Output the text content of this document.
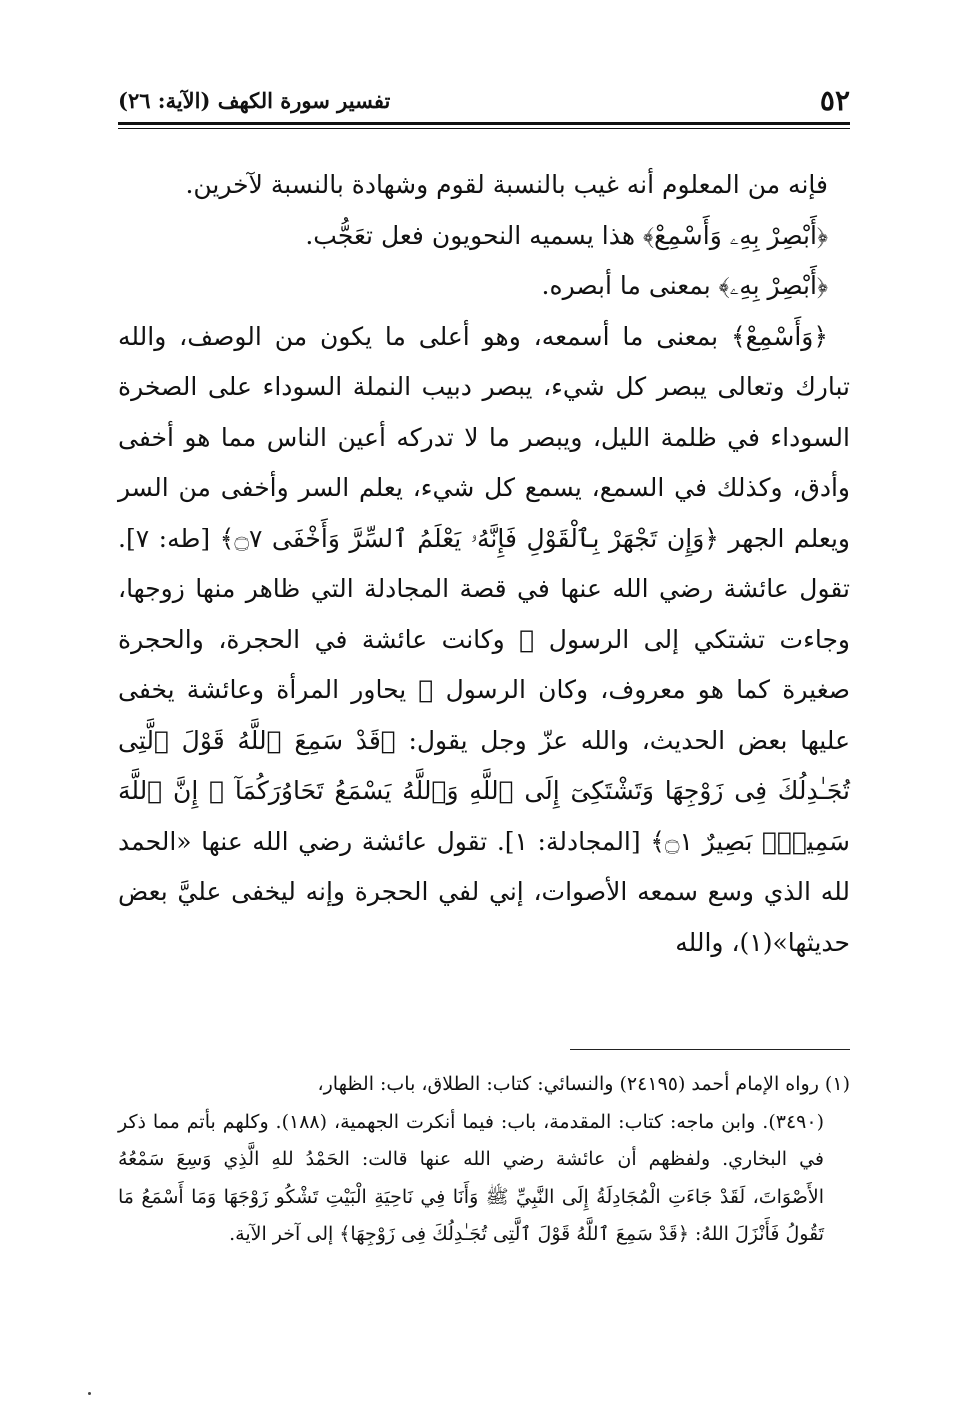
٥٢
تفسير سورة الكهف (الآية: ٢٦)

فإنه من المعلوم أنه غيب بالنسبة لقوم وشهادة بالنسبة لآخرين.

﴿أَبْصِرْ بِهِۦ وَأَسْمِعْ﴾ هذا يسميه النحويون فعل تعَجُّب.

﴿أَبْصِرْ بِهِۦ﴾ بمعنى ما أبصره.

﴿وَأَسْمِعْ﴾ بمعنى ما أسمعه، وهو أعلى ما يكون من الوصف، والله تبارك وتعالى يبصر كل شيء، يبصر دبيب النملة السوداء على الصخرة السوداء في ظلمة الليل، ويبصر ما لا تدركه أعين الناس مما هو أخفى وأدق، وكذلك في السمع، يسمع كل شيء، يعلم السر وأخفى من السر ويعلم الجهر ﴿وَإِن تَجْهَرْ بِٱلْقَوْلِ فَإِنَّهُۥ يَعْلَمُ ٱلسِّرَّ وَأَخْفَى ۝٧﴾ [طه: ٧]. تقول عائشة رضي الله عنها في قصة المجادلة التي ظاهر منها زوجها، وجاءت تشتكي إلى الرسول ﷺ وكانت عائشة في الحجرة، والحجرة صغيرة كما هو معروف، وكان الرسول ﷺ يحاور المرأة وعائشة يخفى عليها بعض الحديث، والله عزّ وجل يقول: ﴿قَدْ سَمِعَ ٱللَّهُ قَوْلَ ٱلَّتِى تُجَـٰدِلُكَ فِى زَوْجِهَا وَتَشْتَكِىٓ إِلَى ٱللَّهِ وَٱللَّهُ يَسْمَعُ تَحَاوُرَكُمَآ ۚ إِنَّ ٱللَّهَ سَمِيعٌۢ بَصِيرٌ ۝١﴾ [المجادلة: ١]. تقول عائشة رضي الله عنها «الحمد لله الذي وسع سمعه الأصوات، إني لفي الحجرة وإنه ليخفى عليَّ بعض حديثها»(١)، والله

(١) رواه الإمام أحمد (٢٤١٩٥) والنسائي: كتاب: الطلاق، باب: الظهار،

(٣٤٩٠). وابن ماجه: كتاب: المقدمة، باب: فيما أنكرت الجهمية، (١٨٨). وكلهم بأتم مما ذكر في البخاري. ولفظهم أن عائشة رضي الله عنها قالت: الحَمْدُ للهِ الَّذِي وَسِعَ سَمْعُهُ الأَصْوَاتَ، لَقَدْ جَاءَتِ الْمُجَادِلَةُ إِلَى النَّبِيِّ ﷺ وَأَنَا فِي نَاحِيَةِ الْبَيْتِ تَشْكُو زَوْجَهَا وَمَا أَسْمَعُ مَا تَقُولُ فَأَنْزَلَ اللهُ: ﴿قَدْ سَمِعَ ٱللَّهُ قَوْلَ ٱلَّتِى تُجَـٰدِلُكَ فِى زَوْجِهَا﴾ إلى آخر الآية.
